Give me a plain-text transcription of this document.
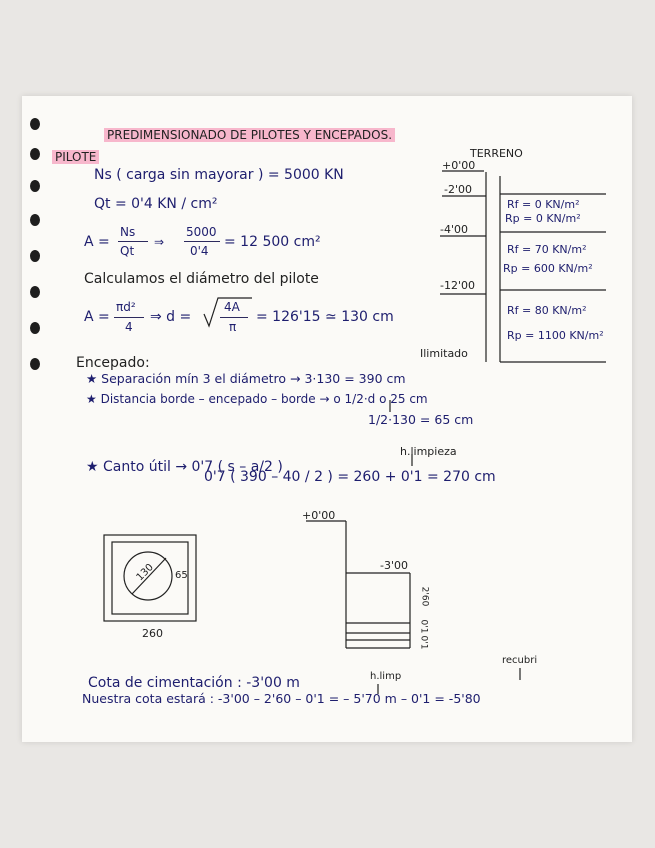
PREDIMENSIONADO DE PILOTES Y ENCEPADOS.
PILOTE	TERRENO
+0'00
-2'00
-4'00
-12'00
Ilimitado
Rf = 0 KN/m²
Rp = 0 KN/m²
Rf = 70 KN/m²
Rp = 600 KN/m²
Rf = 80 KN/m²
Rp = 1100 KN/m²
Ns ( carga sin mayorar ) = 5000 KN
Qt = 0'4 KN / cm²
A =
Ns
Qt
⇒
5000
0'4
= 12 500 cm²
Calculamos el diámetro del pilote
A =
πd²
4
⇒ d =
4A
π
= 126'15 ≃ 130 cm
Encepado:
★ Separación mín 3 el diámetro → 3·130 = 390 cm
★ Distancia borde – encepado – borde → o 1/2·d o 25 cm
1/2·130 = 65 cm
h.limpieza
★ Canto útil → 0'7 ( s – a/2 )
0'7 ( 390 – 40 / 2 ) = 260 + 0'1 = 270 cm
130 65
260
+0'00
-3'00
2'60
0'1
0'1
Cota de cimentación : -3'00 m	h.limp
recubri
Nuestra cota estará : -3'00 – 2'60 – 0'1 = – 5'70 m – 0'1 = -5'80
